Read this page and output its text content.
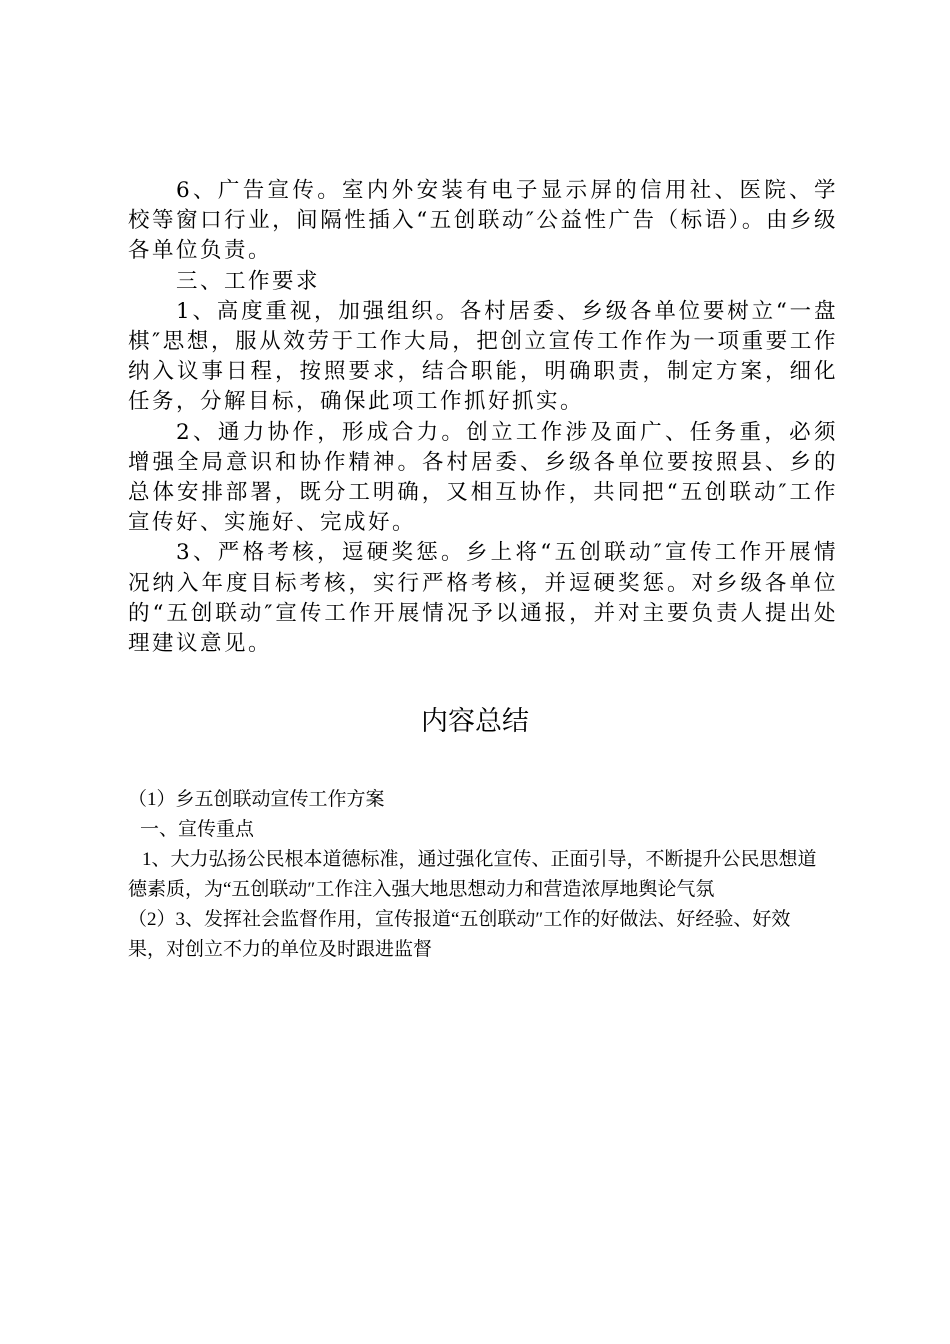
6、广告宣传。室内外安装有电子显示屏的信用社、医院、学校等窗口行业，间隔性插入“五创联动″公益性广告（标语）。由乡级各单位负责。

三、工作要求

1、高度重视，加强组织。各村居委、乡级各单位要树立“一盘棋″思想，服从效劳于工作大局，把创立宣传工作作为一项重要工作纳入议事日程，按照要求，结合职能，明确职责，制定方案，细化任务，分解目标，确保此项工作抓好抓实。

2、通力协作，形成合力。创立工作涉及面广、任务重，必须增强全局意识和协作精神。各村居委、乡级各单位要按照县、乡的总体安排部署，既分工明确，又相互协作，共同把“五创联动″工作宣传好、实施好、完成好。

3、严格考核，逗硬奖惩。乡上将“五创联动″宣传工作开展情况纳入年度目标考核，实行严格考核，并逗硬奖惩。对乡级各单位的“五创联动″宣传工作开展情况予以通报，并对主要负责人提出处理建议意见。

内容总结

（1）乡五创联动宣传工作方案

一、宣传重点

1、大力弘扬公民根本道德标准，通过强化宣传、正面引导，不断提升公民思想道德素质，为“五创联动″工作注入强大地思想动力和营造浓厚地舆论气氛

（2）3、发挥社会监督作用，宣传报道“五创联动″工作的好做法、好经验、好效果，对创立不力的单位及时跟进监督
